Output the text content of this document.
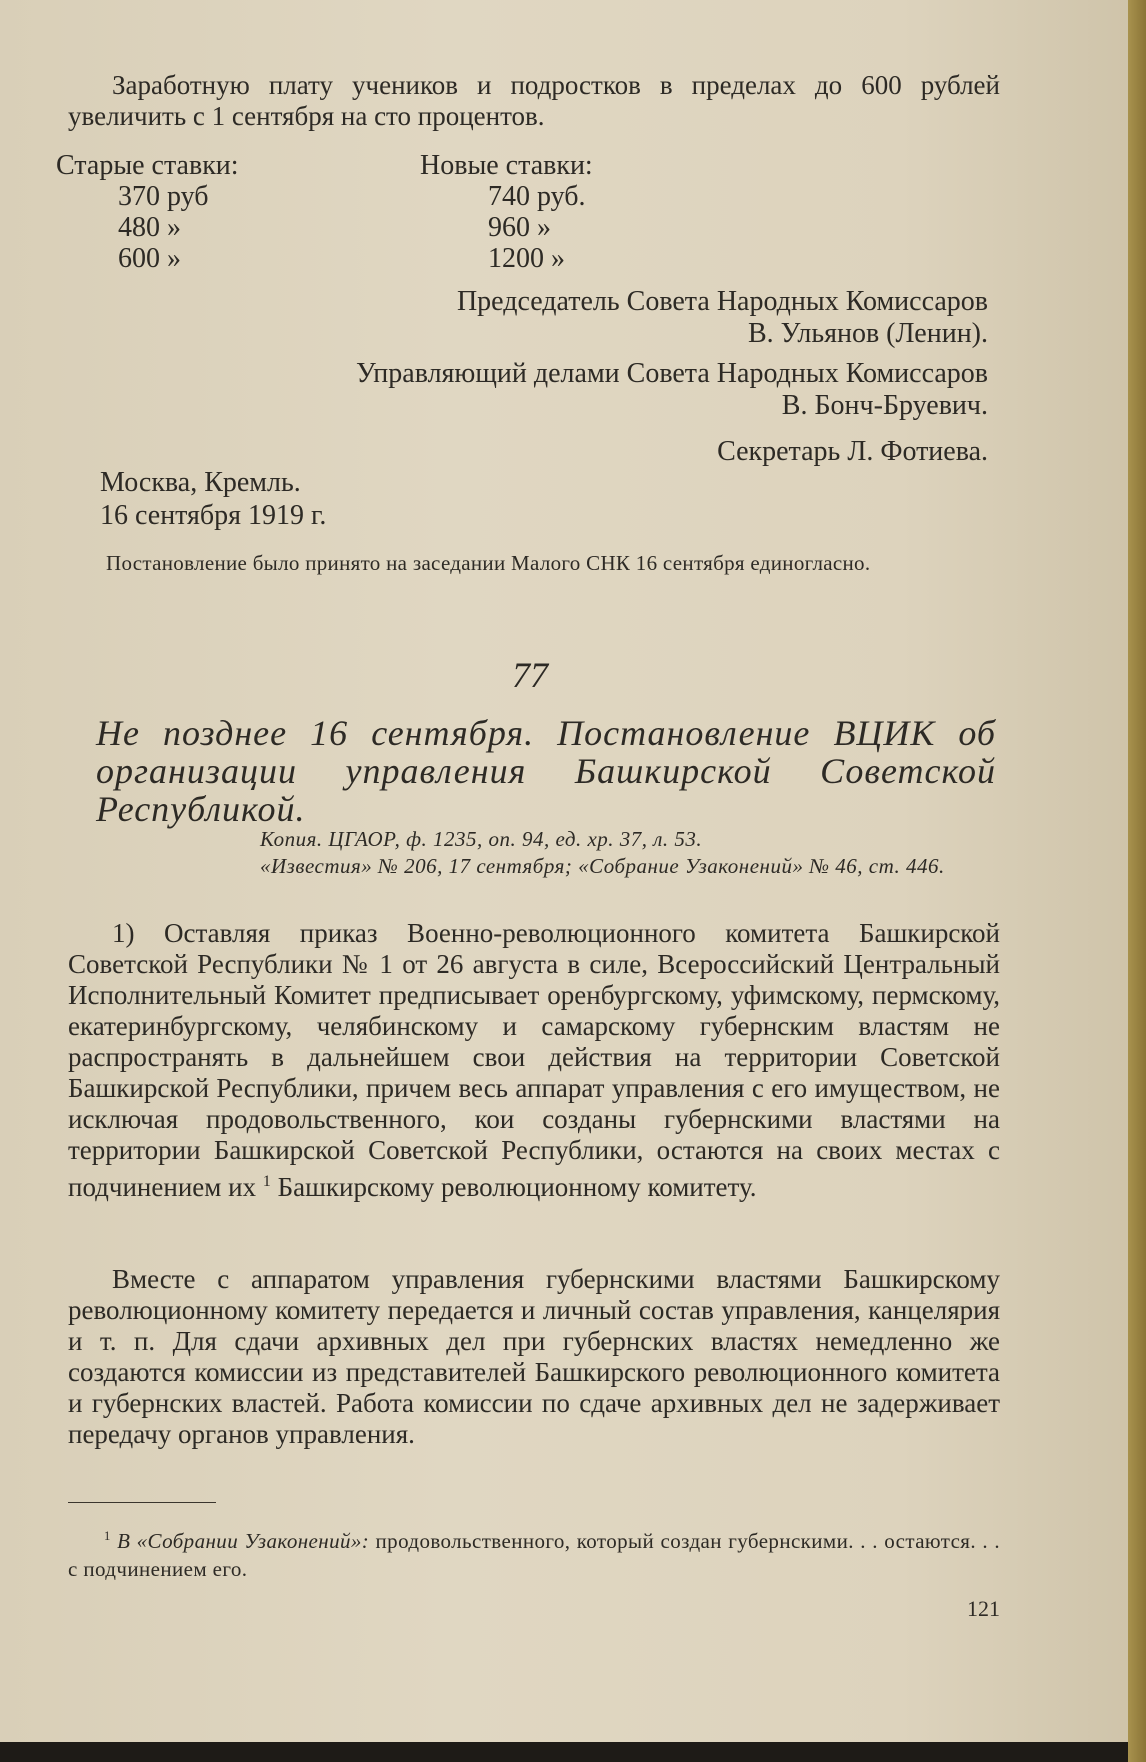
Заработную плату учеников и подростков в пределах до 600 рублей увеличить с 1 сентября на сто процентов.

Старые ставки:	Новые ставки:
370 руб	740 руб.
480 »	960 »
600 »	1200 »
Председатель Совета Народных Комиссаров
В. Ульянов (Ленин).
Управляющий делами Совета Народных Комиссаров
В. Бонч-Бруевич.
Секретарь Л. Фотиева.
Москва, Кремль.
16 сентября 1919 г.

Постановление было принято на заседании Малого СНК 16 сентября единогласно.

77
Не позднее 16 сентября. Постановление ВЦИК об организации управления Башкирской Советской Республикой.
Копия. ЦГАОР, ф. 1235, оп. 94, ед. хр. 37, л. 53.
«Известия» № 206, 17 сентября; «Собрание Узаконений» № 46, ст. 446.

1) Оставляя приказ Военно-революционного комитета Башкирской Советской Республики № 1 от 26 августа в силе, Всероссийский Центральный Исполнительный Комитет предписывает оренбургскому, уфимскому, пермскому, екатеринбургскому, челябинскому и самарскому губернским властям не распространять в дальнейшем свои действия на территории Советской Башкирской Республики, причем весь аппарат управления с его имуществом, не исключая продовольственного, кои созданы губернскими властями на территории Башкирской Советской Республики, остаются на своих местах с подчинением их $^1$ Башкирскому революционному комитету.

Вместе с аппаратом управления губернскими властями Башкирскому революционному комитету передается и личный состав управления, канцелярия и т. п. Для сдачи архивных дел при губернских властях немедленно же создаются комиссии из представителей Башкирского революционного комитета и губернских властей. Работа комиссии по сдаче архивных дел не задерживает передачу органов управления.

$^1$ В «Собрании Узаконений»: продовольственного, который создан губернскими. . . остаются. . . с подчинением его.

121
